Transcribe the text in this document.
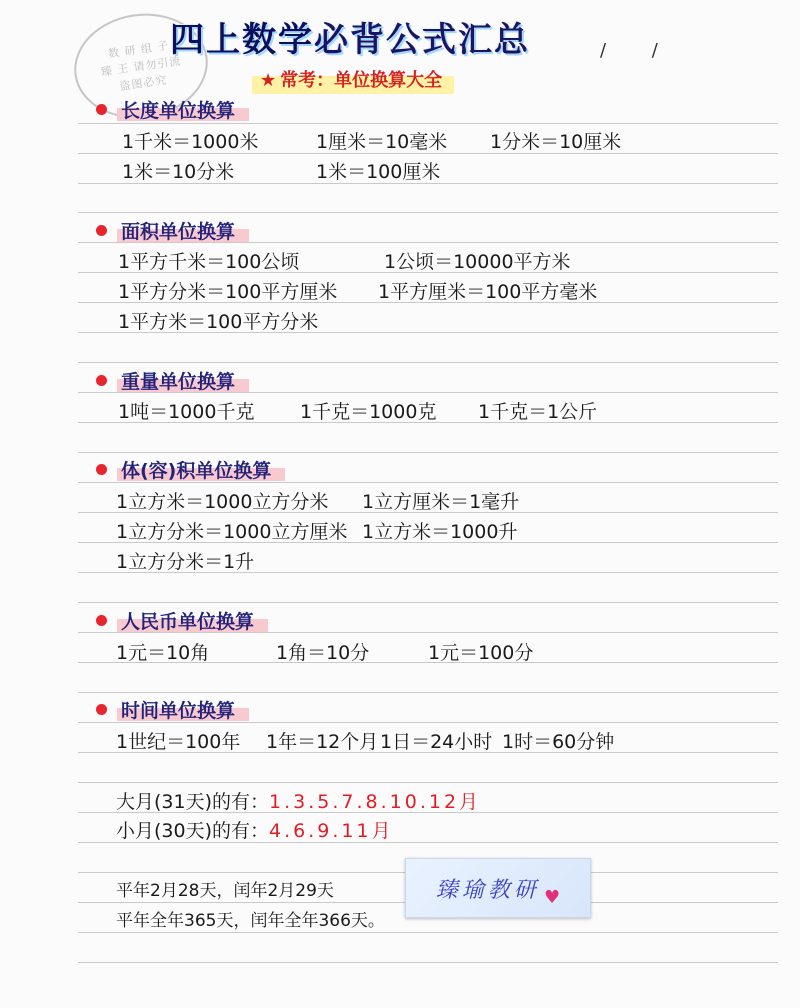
数 研 组 子
臻 王 请勿引流
盗图必究
四上数学必背公式汇总	/ /
★ 常考：单位换算大全
长度单位换算
1千米＝1000米	1厘米＝10毫米 1分米＝10厘米
1米＝10分米	1米＝100厘米
面积单位换算
1平方千米＝100公顷	1公顷＝10000平方米
1平方分米＝100平方厘米 1平方厘米＝100平方毫米
1平方米＝100平方分米
重量单位换算
1吨＝1000千克 1千克＝1000克 1千克＝1公斤
体(容)积单位换算
1立方米＝1000立方分米 1立方厘米＝1毫升
1立方分米＝1000立方厘米 1立方米＝1000升
1立方分米＝1升
人民币单位换算
1元＝10角	1角＝10分	1元＝100分
时间单位换算
1世纪＝100年 1年＝12个月 1日＝24小时 1时＝60分钟
大月(31天)的有：1.3.5.7.8.10.12月
小月(30天)的有：4.6.9.11月
平年2月28天，闰年2月29天
平年全年365天，闰年全年366天。
臻瑜教研 ♥
